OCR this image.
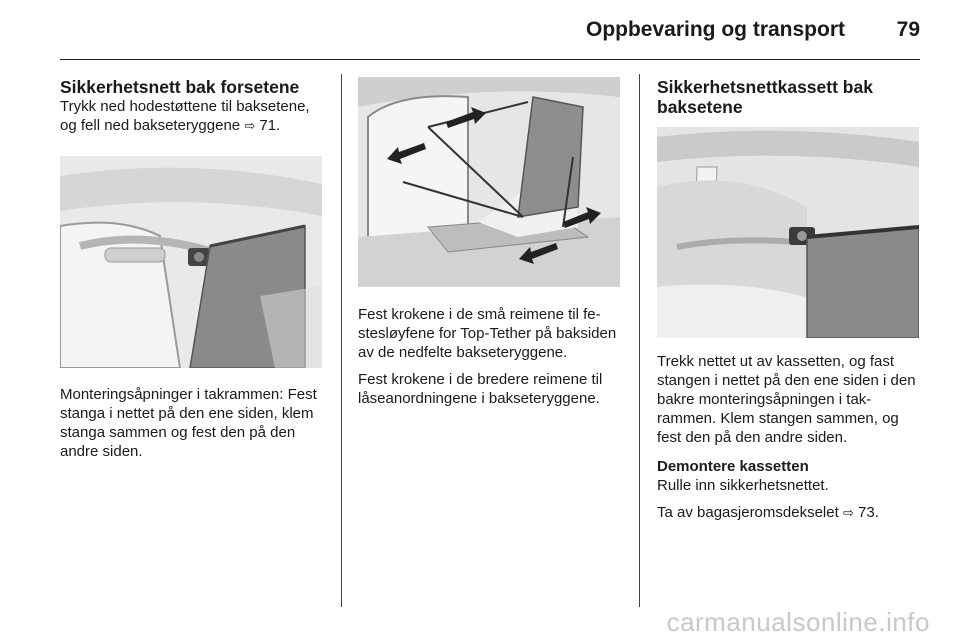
Oppbevaring og transport 79
Sikkerhetsnett bak forsetene

Trykk ned hodestøttene til baksetene, og fell ned bakseteryggene ⇨ 71.

Monteringsåpninger i takrammen: Fest stanga i nettet på den ene siden, klem stanga sammen og fest den på den andre siden.

Fest krokene i de små reimene til festesløyfene for Top-Tether på baksiden av de nedfelte bakseteryggene.

Fest krokene i de bredere reimene til låseanordningene i bakseteryggene.

Sikkerhetsnettkassett bak baksetene

Trekk nettet ut av kassetten, og fast stangen i nettet på den ene siden i den bakre monteringsåpningen i takrammen. Klem stangen sammen, og fest den på den andre siden.

Demontere kassetten

Rulle inn sikkerhetsnettet.

Ta av bagasjeromsdekselet ⇨ 73.

carmanualsonline.info
